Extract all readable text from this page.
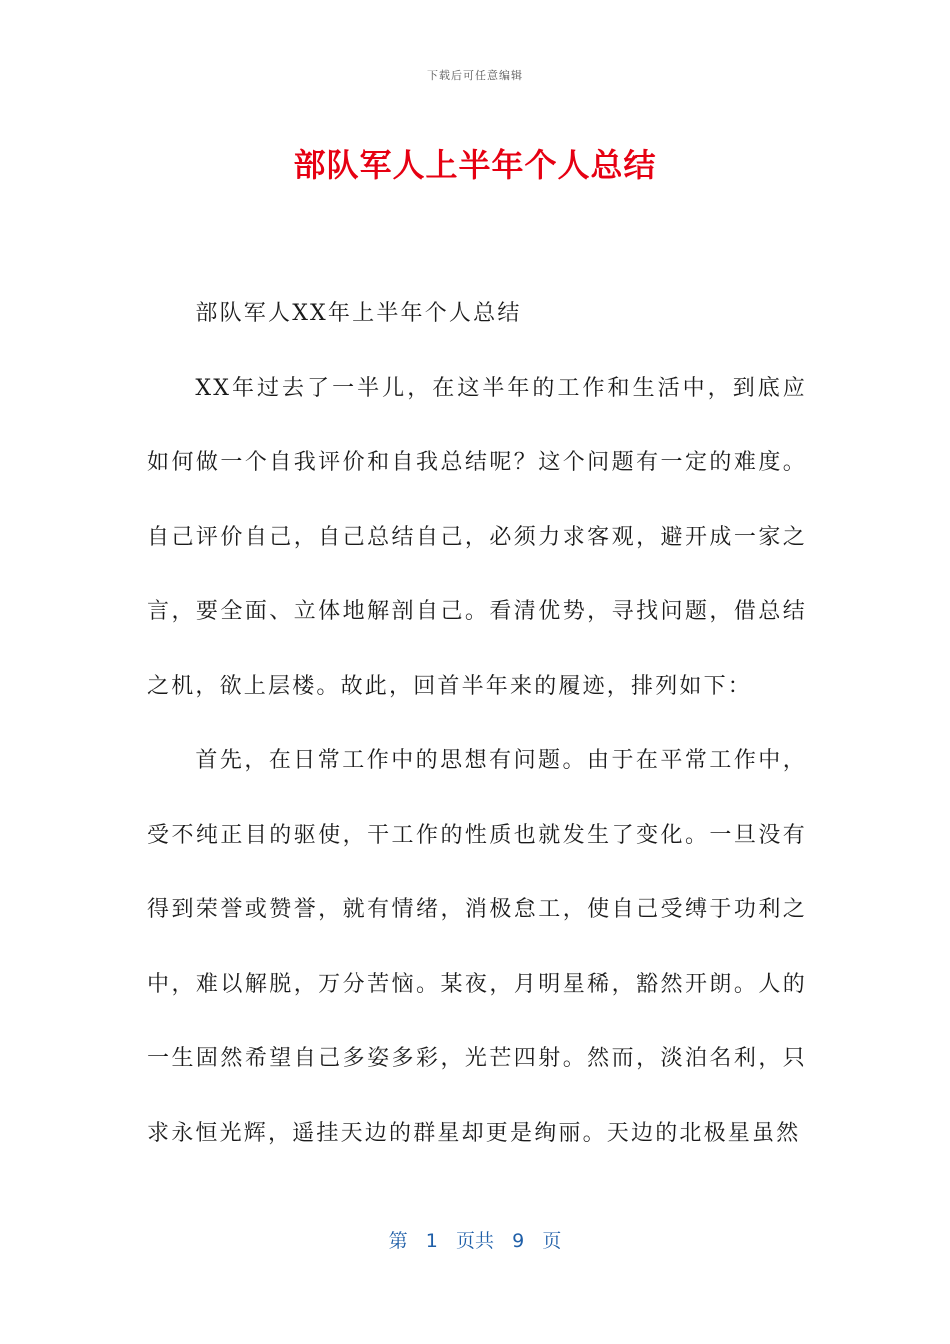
下载后可任意编辑
部队军人上半年个人总结

部队军人XX年上半年个人总结

XX年过去了一半儿，在这半年的工作和生活中，到底应如何做一个自我评价和自我总结呢？这个问题有一定的难度。自己评价自己，自己总结自己，必须力求客观，避开成一家之言，要全面、立体地解剖自己。看清优势，寻找问题，借总结之机，欲上层楼。故此，回首半年来的履迹，排列如下：

首先，在日常工作中的思想有问题。由于在平常工作中，受不纯正目的驱使，干工作的性质也就发生了变化。一旦没有得到荣誉或赞誉，就有情绪，消极怠工，使自己受缚于功利之中，难以解脱，万分苦恼。某夜，月明星稀，豁然开朗。人的一生固然希望自己多姿多彩，光芒四射。然而，淡泊名利，只求永恒光辉，遥挂天边的群星却更是绚丽。天边的北极星虽然

第 1 页共 9 页
